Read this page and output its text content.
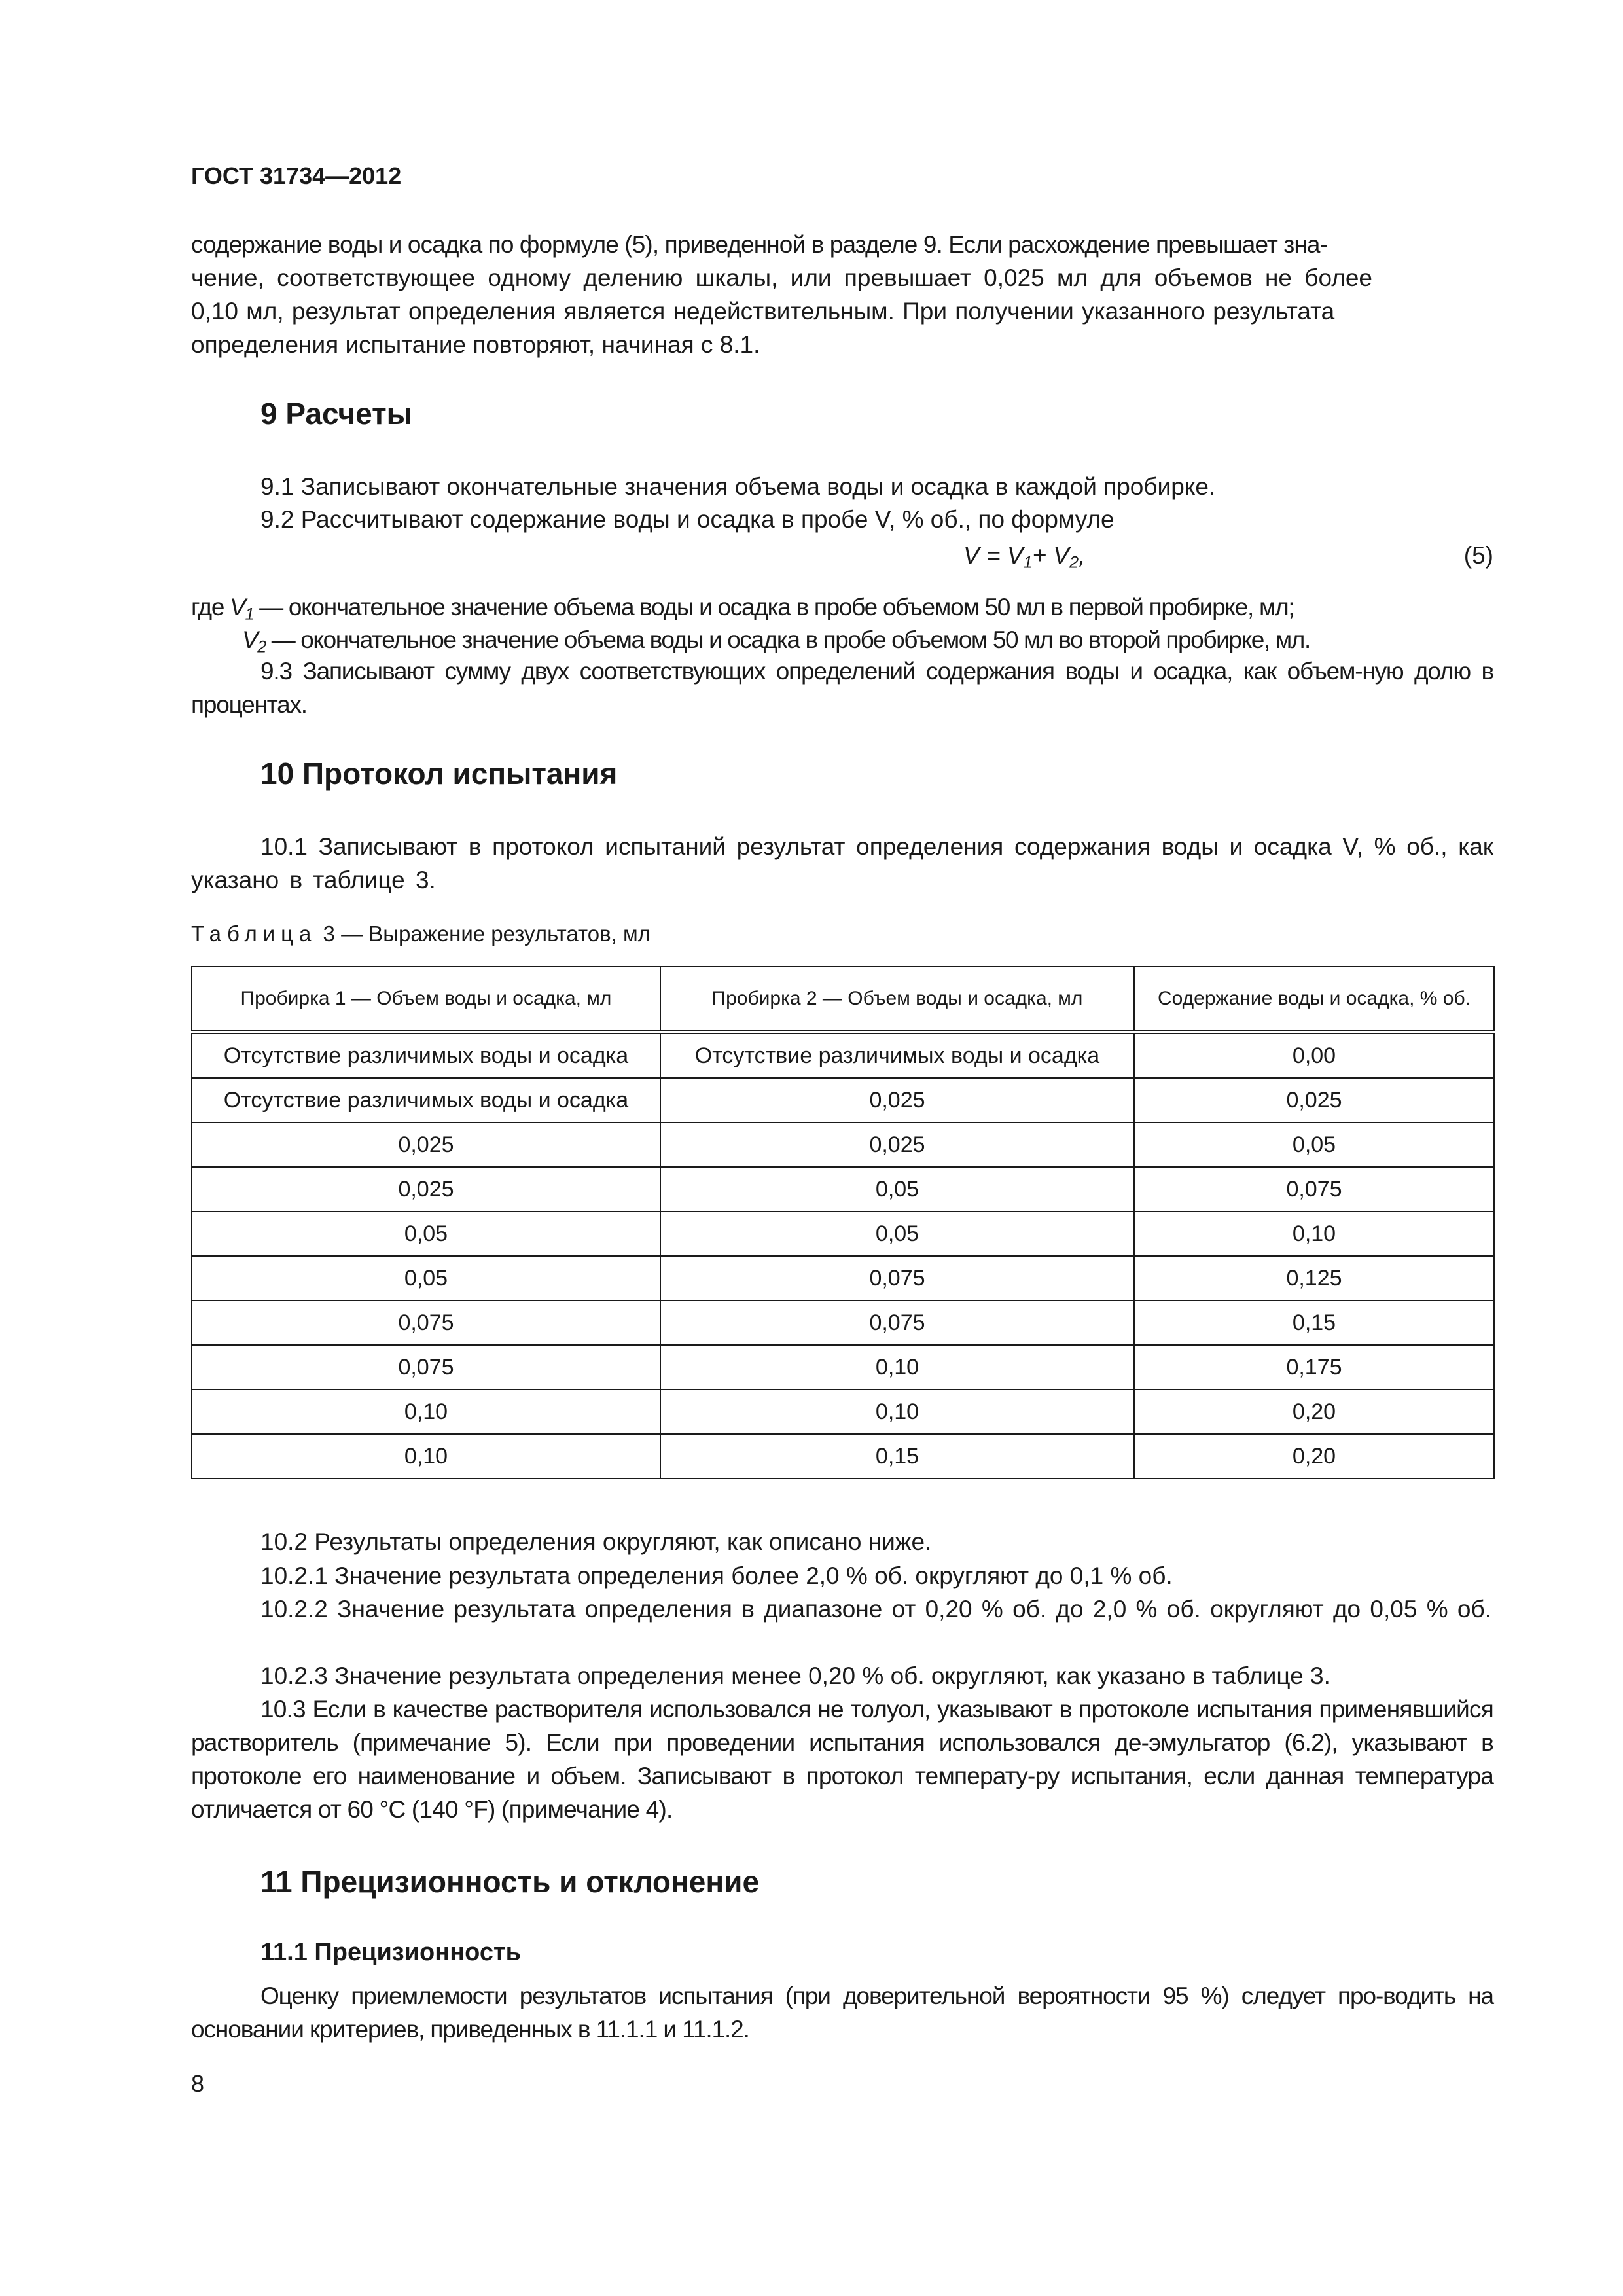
ГОСТ 31734—2012
содержание воды и осадка по формуле (5), приведенной в разделе 9. Если расхождение превышает зна-
чение, соответствующее одному делению шкалы, или превышает 0,025 мл для объемов не более
0,10 мл, результат определения является недействительным. При получении указанного результата
определения испытание повторяют, начиная с 8.1.
9 Расчеты
9.1 Записывают окончательные значения объема воды и осадка в каждой пробирке.
9.2 Рассчитывают содержание воды и осадка в пробе V, % об., по формуле
$V = V_1+ V_2$,	(5)
где $V_1$ — окончательное значение объема воды и осадка в пробе объемом 50 мл в первой пробирке, мл;
$V_2$ — окончательное значение объема воды и осадка в пробе объемом 50 мл во второй пробирке, мл.

9.3 Записывают сумму двух соответствующих определений содержания воды и осадка, как объем-ную долю в процентах.

10 Протокол испытания

10.1 Записывают в протокол испытаний результат определения содержания воды и осадка V, % об., как указано в таблице 3.

Таблица 3 — Выражение результатов, мл
Пробирка 1 — Объем воды и осадка, мл	Пробирка 2 — Объем воды и осадка, мл	Содержание воды и осадка, % об.
Отсутствие различимых воды и осадка	Отсутствие различимых воды и осадка	0,00
Отсутствие различимых воды и осадка	0,025	0,025
0,025	0,025	0,05
0,025	0,05	0,075
0,05	0,05	0,10
0,05	0,075	0,125
0,075	0,075	0,15
0,075	0,10	0,175
0,10	0,10	0,20
0,10	0,15	0,20
10.2 Результаты определения округляют, как описано ниже.
10.2.1 Значение результата определения более 2,0 % об. округляют до 0,1 % об.

10.2.2 Значение результата определения в диапазоне от 0,20 % об. до 2,0 % об. округляют до 0,05 % об.

10.2.3 Значение результата определения менее 0,20 % об. округляют, как указано в таблице 3.

10.3 Если в качестве растворителя использовался не толуол, указывают в протоколе испытания применявшийся растворитель (примечание 5). Если при проведении испытания использовался де-эмульгатор (6.2), указывают в протоколе его наименование и объем. Записывают в протокол температу-ру испытания, если данная температура отличается от 60 °С (140 °F) (примечание 4).

11 Прецизионность и отклонение
11.1 Прецизионность

Оценку приемлемости результатов испытания (при доверительной вероятности 95 %) следует про-водить на основании критериев, приведенных в 11.1.1 и 11.1.2.

8
